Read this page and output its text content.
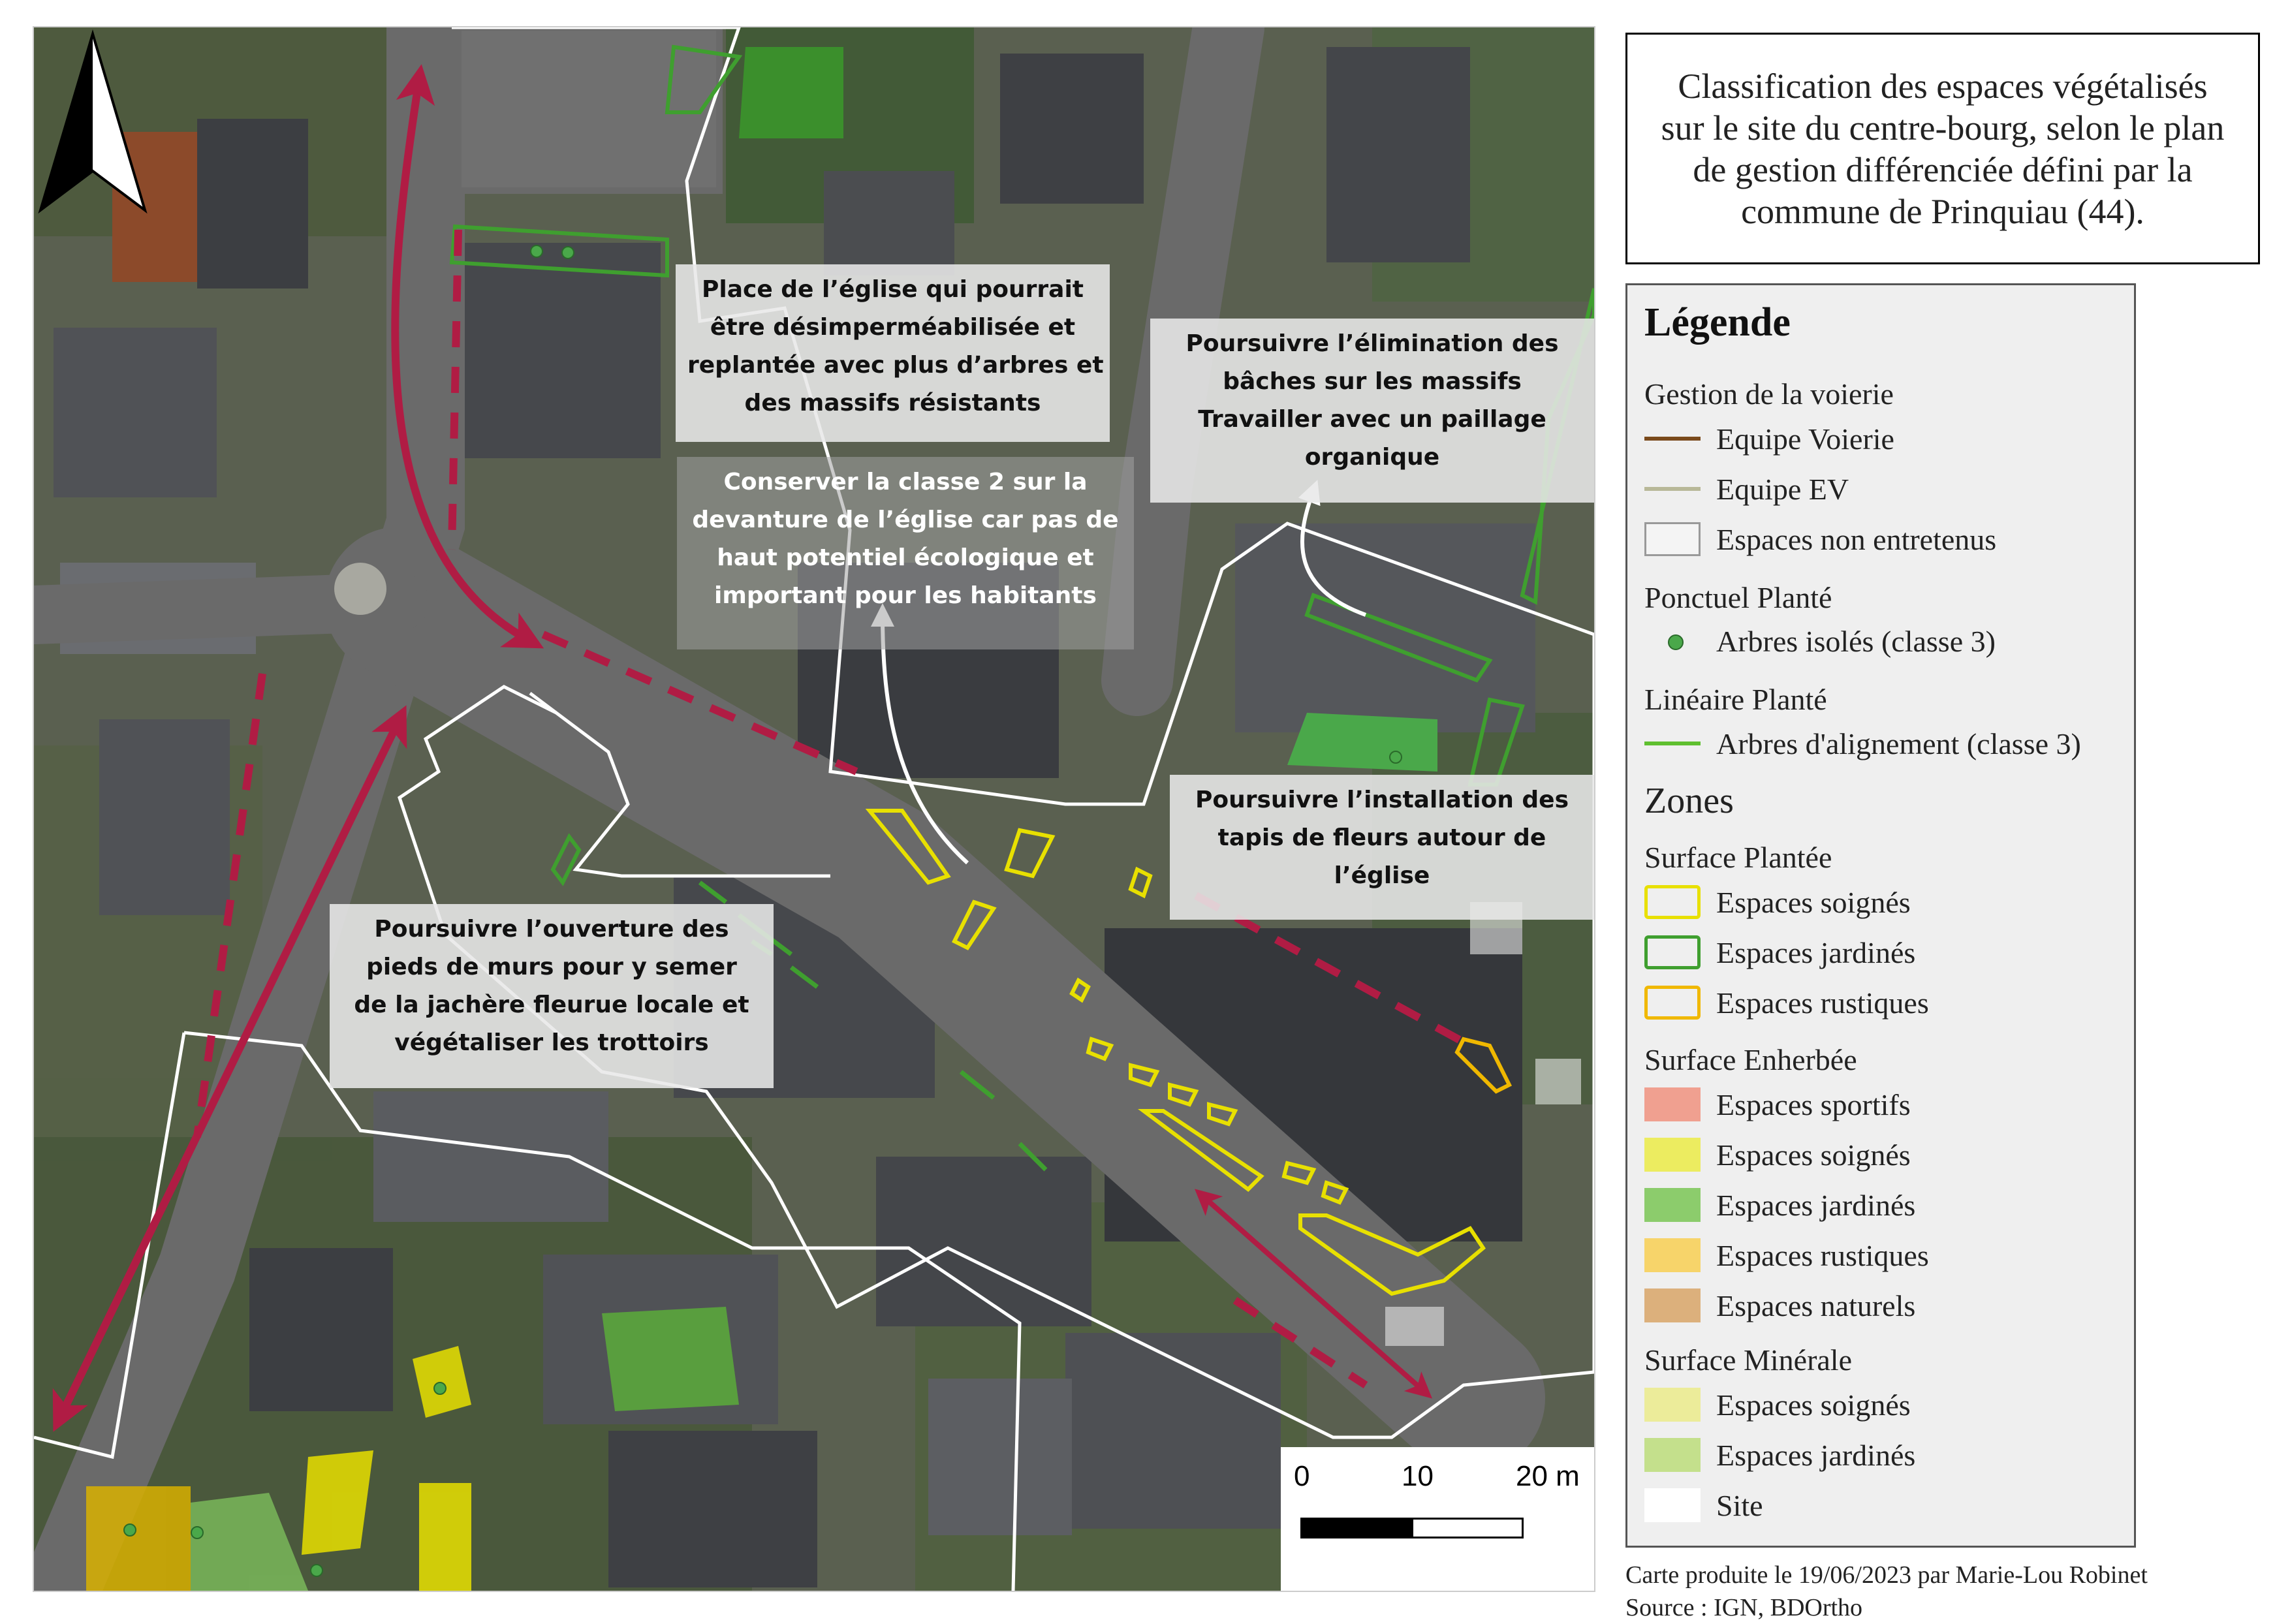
Place de l’église qui pourrait
être désimperméabilisée et
replantée avec plus d’arbres et
des massifs résistants
Poursuivre l’élimination des
bâches sur les massifs
Travailler avec un paillage
organique
Conserver la classe 2 sur la
devanture de l’église car pas de
haut potentiel écologique et
important pour les habitants
Poursuivre l’installation des
tapis de fleurs autour de
l’église
Poursuivre l’ouverture des
pieds de murs pour y semer
de la jachère fleurue locale et
végétaliser les trottoirs
0	10	20 m
Classification des espaces végétalisés
sur le site du centre-bourg, selon le plan
de gestion différenciée défini par la
commune de Prinquiau (44).
Légende
Gestion de la voierie
Equipe Voierie
Equipe EV
Espaces non entretenus
Ponctuel Planté
Arbres isolés (classe 3)
Linéaire Planté
Arbres d'alignement (classe 3)
Zones
Surface Plantée
Espaces soignés
Espaces jardinés
Espaces rustiques
Surface Enherbée
Espaces sportifs
Espaces soignés
Espaces jardinés
Espaces rustiques
Espaces naturels
Surface Minérale
Espaces soignés
Espaces jardinés
Site
Carte produite le 19/06/2023 par Marie-Lou Robinet
Source : IGN, BDOrtho
